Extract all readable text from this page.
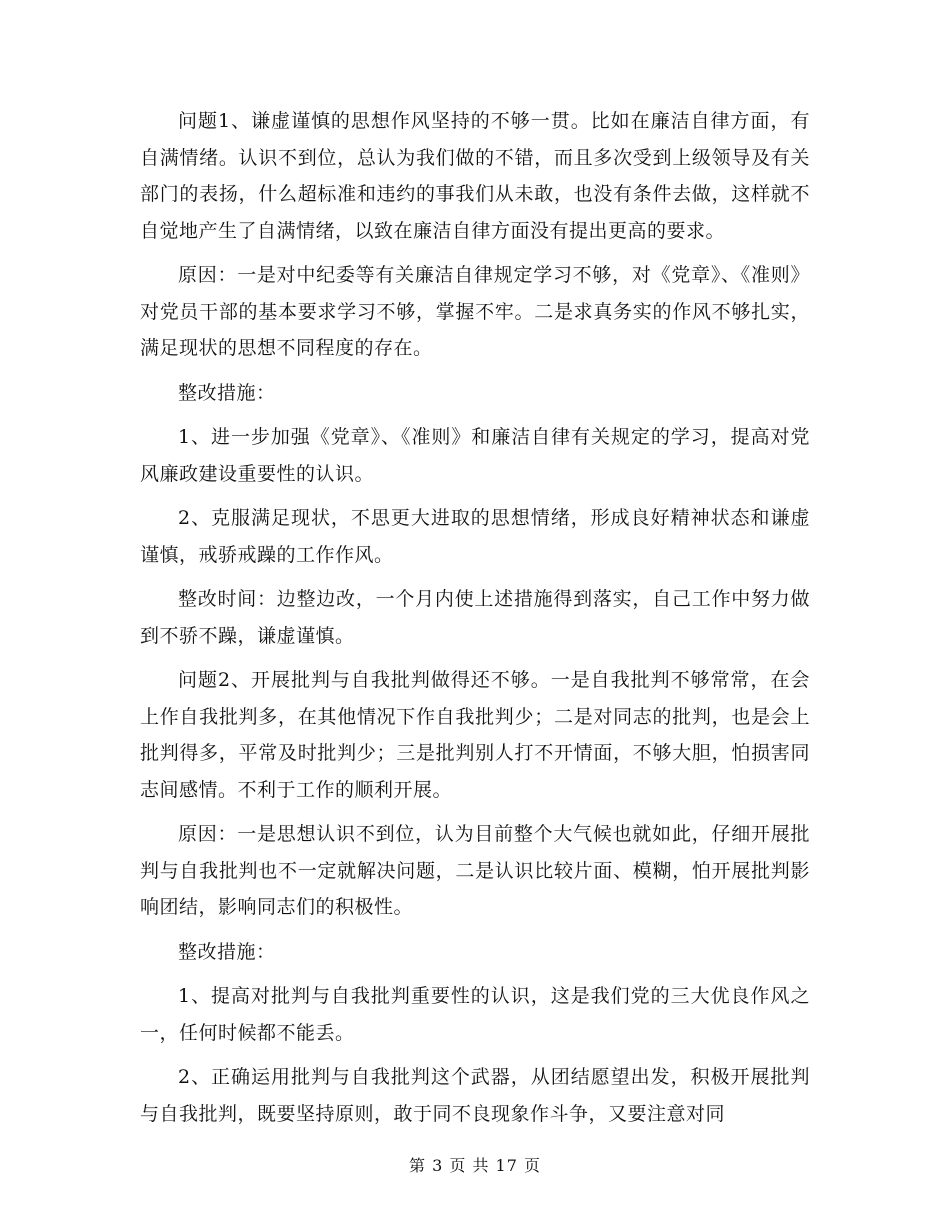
问题1、谦虚谨慎的思想作风坚持的不够一贯。比如在廉洁自律方面，有自满情绪。认识不到位，总认为我们做的不错，而且多次受到上级领导及有关部门的表扬，什么超标准和违约的事我们从未敢，也没有条件去做，这样就不自觉地产生了自满情绪，以致在廉洁自律方面没有提出更高的要求。

原因：一是对中纪委等有关廉洁自律规定学习不够，对《党章》、《准则》对党员干部的基本要求学习不够，掌握不牢。二是求真务实的作风不够扎实，满足现状的思想不同程度的存在。

整改措施：

1、进一步加强《党章》、《准则》和廉洁自律有关规定的学习，提高对党风廉政建设重要性的认识。

2、克服满足现状，不思更大进取的思想情绪，形成良好精神状态和谦虚谨慎，戒骄戒躁的工作作风。

整改时间：边整边改，一个月内使上述措施得到落实，自己工作中努力做到不骄不躁，谦虚谨慎。

问题2、开展批判与自我批判做得还不够。一是自我批判不够常常，在会上作自我批判多，在其他情况下作自我批判少；二是对同志的批判，也是会上批判得多，平常及时批判少；三是批判别人打不开情面，不够大胆，怕损害同志间感情。不利于工作的顺利开展。

原因：一是思想认识不到位，认为目前整个大气候也就如此，仔细开展批判与自我批判也不一定就解决问题，二是认识比较片面、模糊，怕开展批判影响团结，影响同志们的积极性。

整改措施：

1、提高对批判与自我批判重要性的认识，这是我们党的三大优良作风之一，任何时候都不能丢。

2、正确运用批判与自我批判这个武器，从团结愿望出发，积极开展批判与自我批判，既要坚持原则，敢于同不良现象作斗争，又要注意对同

第 3 页 共 17 页
